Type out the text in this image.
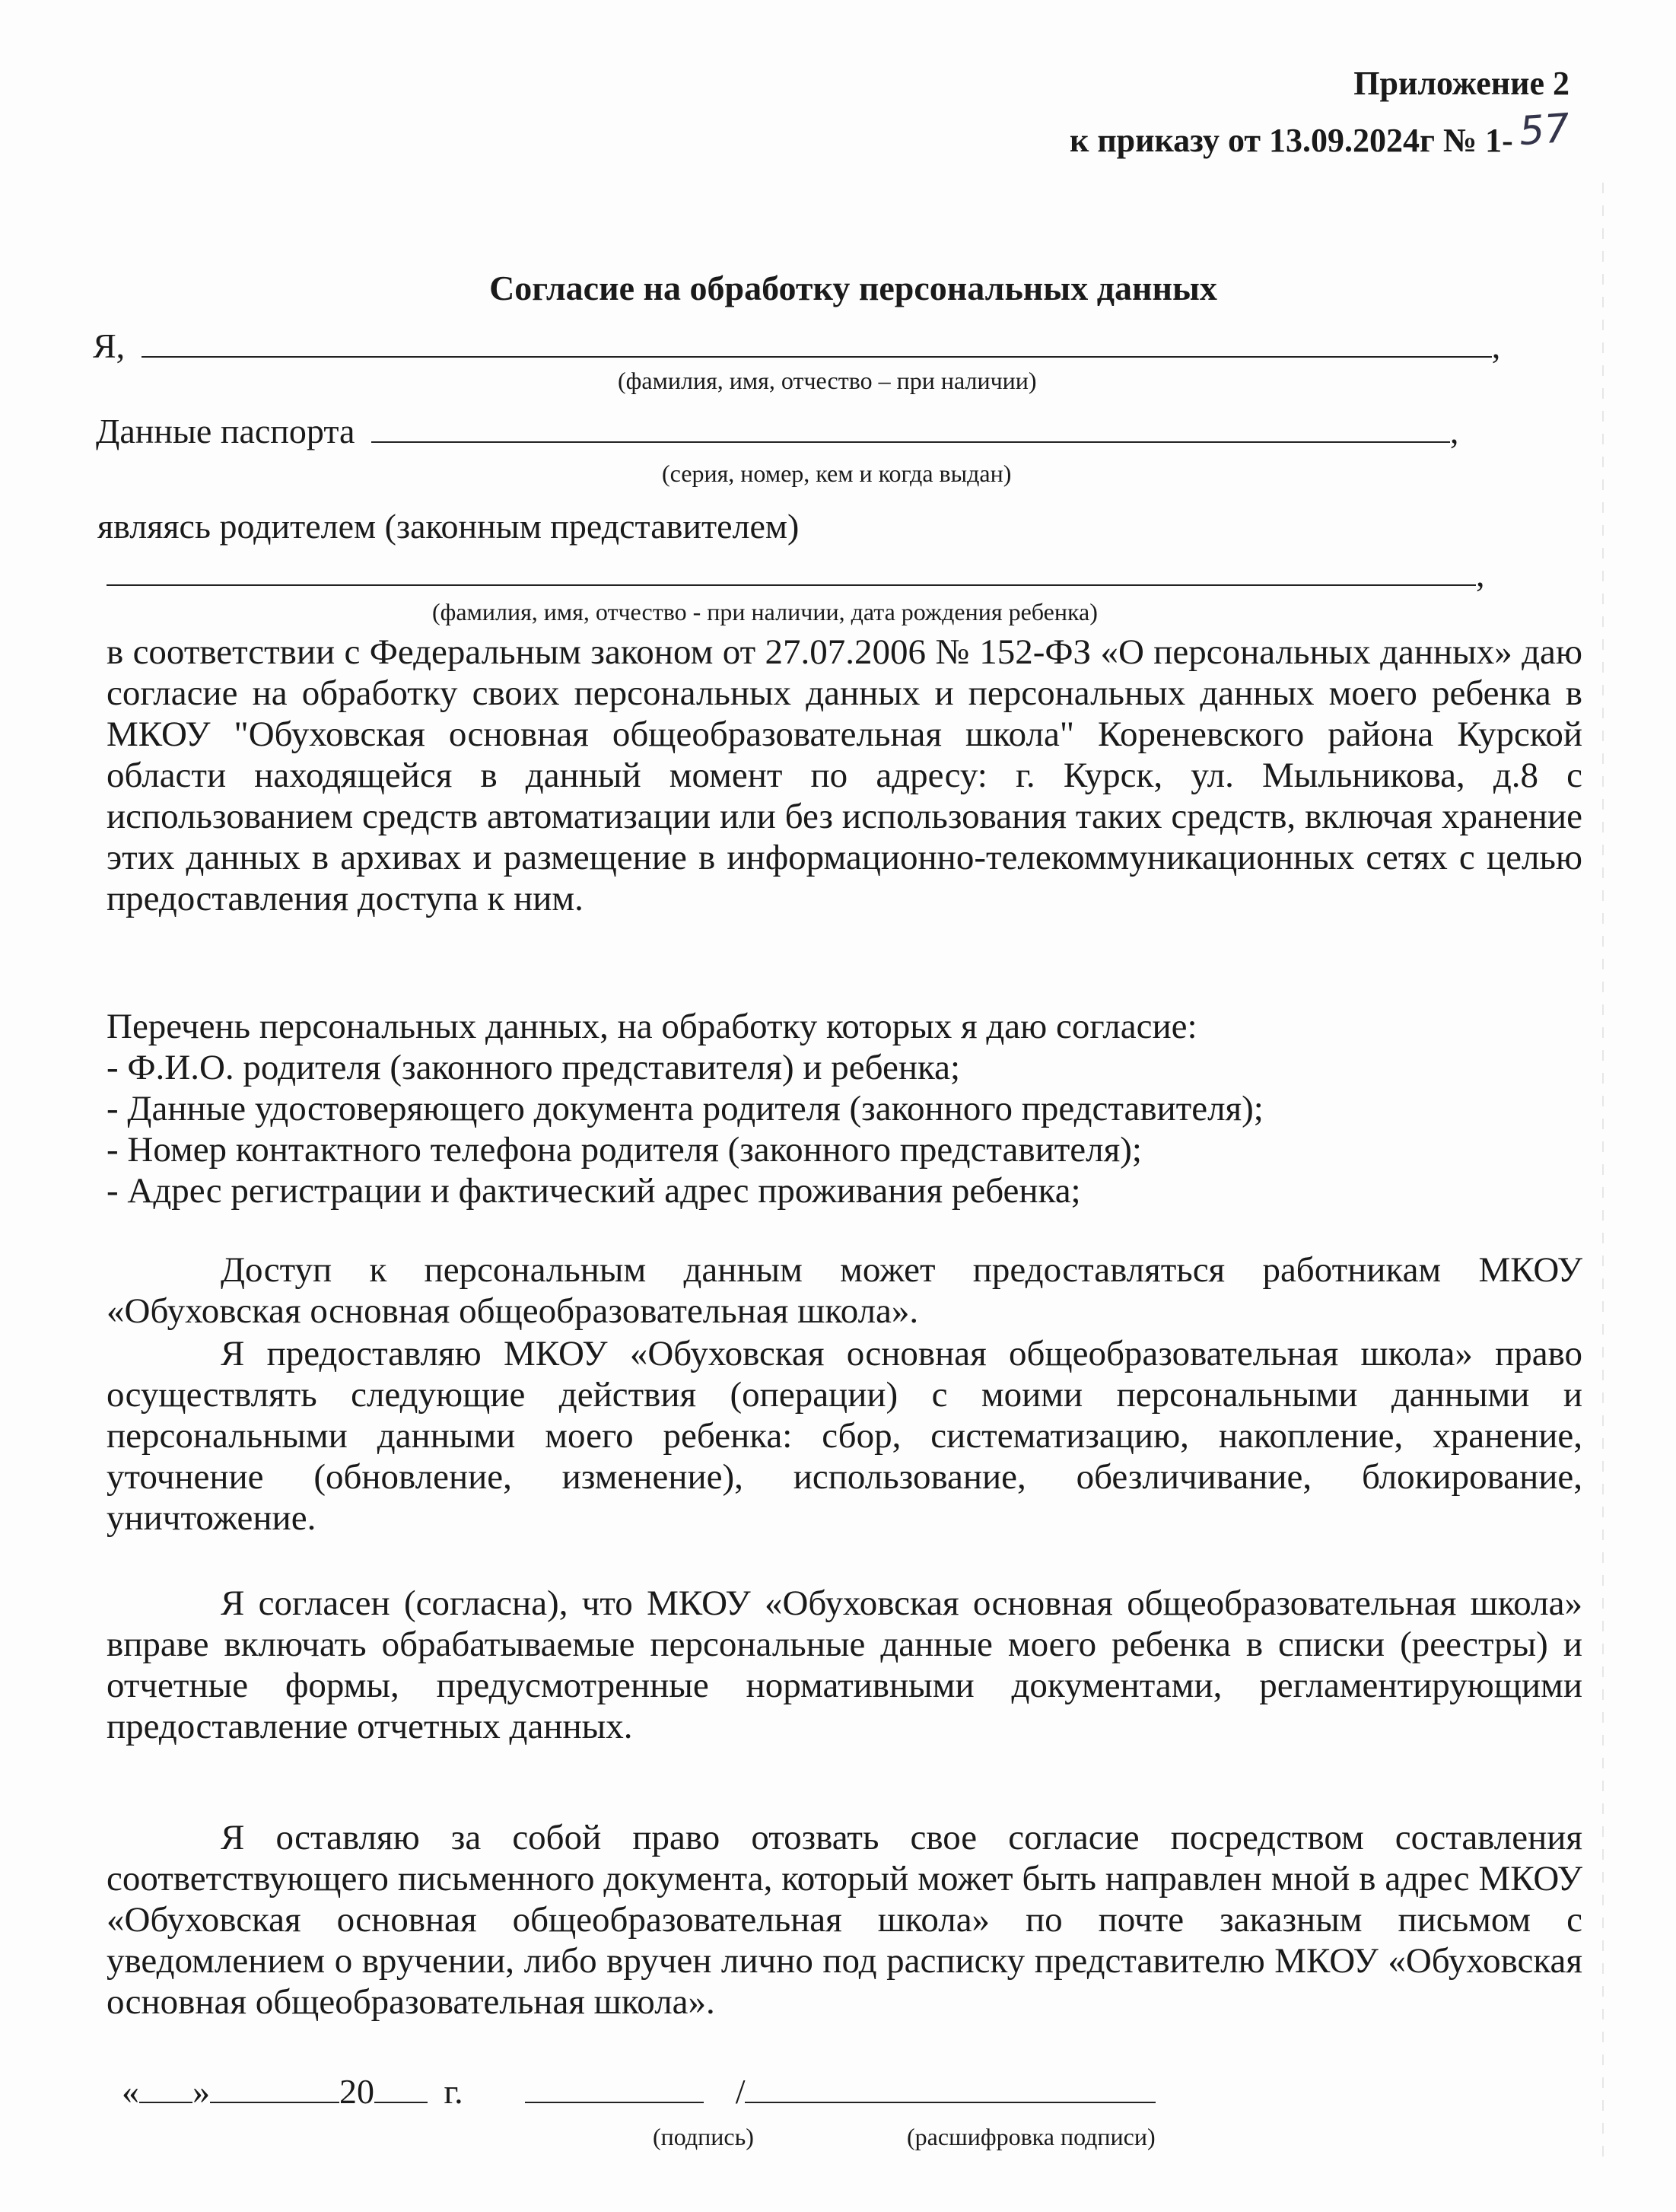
Приложение 2
к приказу от 13.09.2024г № 1- 57
Согласие на обработку персональных данных
Я,	,
(фамилия, имя, отчество – при наличии)
Данные паспорта	,
(серия, номер, кем и когда выдан)
являясь родителем (законным представителем)
,
(фамилия, имя, отчество - при наличии, дата рождения ребенка)
в соответствии с Федеральным законом от 27.07.2006 № 152-ФЗ «О персональных данных» даю согласие на обработку своих персональных данных и персональных данных моего ребенка в МКОУ "Обуховская основная общеобразовательная школа" Кореневского района Курской области находящейся в данный момент по адресу: г. Курск, ул. Мыльникова, д.8 с использованием средств автоматизации или без использования таких средств, включая хранение этих данных в архивах и размещение в информационно-телекоммуникационных сетях с целью предоставления доступа к ним.

Перечень персональных данных, на обработку которых я даю согласие:

- Ф.И.О. родителя (законного представителя) и ребенка;

- Данные удостоверяющего документа родителя (законного представителя);

- Номер контактного телефона родителя (законного представителя);

- Адрес регистрации и фактический адрес проживания ребенка;

Доступ к персональным данным может предоставляться работникам МКОУ «Обуховская основная общеобразовательная школа».
Я предоставляю МКОУ «Обуховская основная общеобразовательная школа» право осуществлять следующие действия (операции) с моими персональными данными и персональными данными моего ребенка: сбор, систематизацию, накопление, хранение, уточнение (обновление, изменение), использование, обезличивание, блокирование, уничтожение.
Я согласен (согласна), что МКОУ «Обуховская основная общеобразовательная школа» вправе включать обрабатываемые персональные данные моего ребенка в списки (реестры) и отчетные формы, предусмотренные нормативными документами, регламентирующими предоставление отчетных данных.
Я оставляю за собой право отозвать свое согласие посредством составления соответствующего письменного документа, который может быть направлен мной в адрес МКОУ «Обуховская основная общеобразовательная школа» по почте заказным письмом с уведомлением о вручении, либо вручен лично под расписку представителю МКОУ «Обуховская основная общеобразовательная школа».
« »	20 г.	/
(подпись)	(расшифровка подписи)
